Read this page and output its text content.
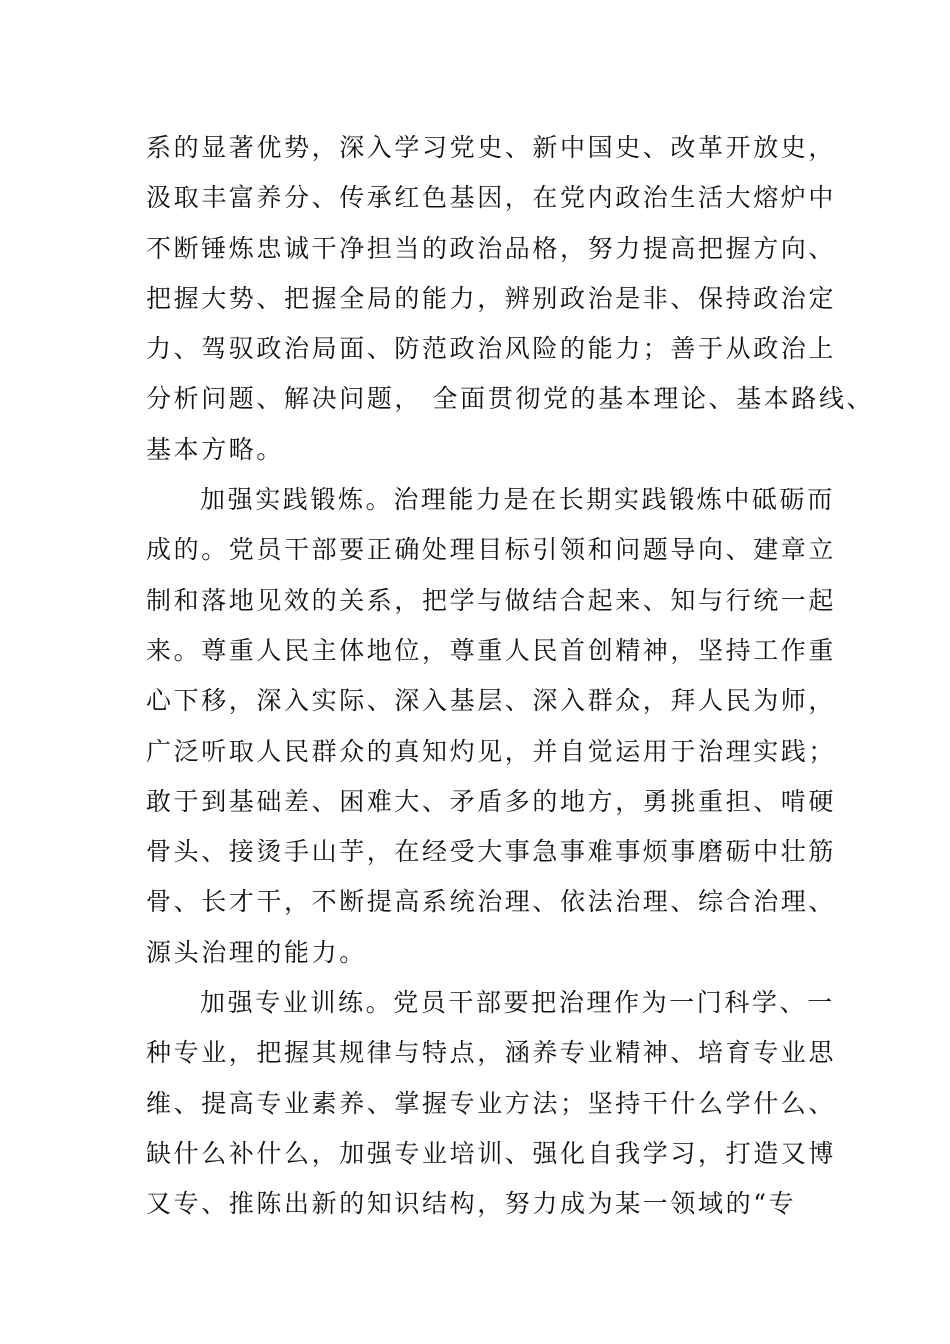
系的显著优势，深入学习党史、新中国史、改革开放史，
汲取丰富养分、传承红色基因，在党内政治生活大熔炉中
不断锤炼忠诚干净担当的政治品格，努力提高把握方向、
把握大势、把握全局的能力，辨别政治是非、保持政治定
力、驾驭政治局面、防范政治风险的能力；善于从政治上
分析问题、解决问题， 全面贯彻党的基本理论、基本路线、
基本方略。
加强实践锻炼。治理能力是在长期实践锻炼中砥砺而
成的。党员干部要正确处理目标引领和问题导向、建章立
制和落地见效的关系，把学与做结合起来、知与行统一起
来。尊重人民主体地位，尊重人民首创精神，坚持工作重
心下移，深入实际、深入基层、深入群众，拜人民为师，
广泛听取人民群众的真知灼见，并自觉运用于治理实践；
敢于到基础差、困难大、矛盾多的地方，勇挑重担、啃硬
骨头、接烫手山芋，在经受大事急事难事烦事磨砺中壮筋
骨、长才干，不断提高系统治理、依法治理、综合治理、
源头治理的能力。
加强专业训练。党员干部要把治理作为一门科学、一
种专业，把握其规律与特点，涵养专业精神、培育专业思
维、提高专业素养、掌握专业方法；坚持干什么学什么、
缺什么补什么，加强专业培训、强化自我学习，打造又博
又专、推陈出新的知识结构，努力成为某一领域的“专
